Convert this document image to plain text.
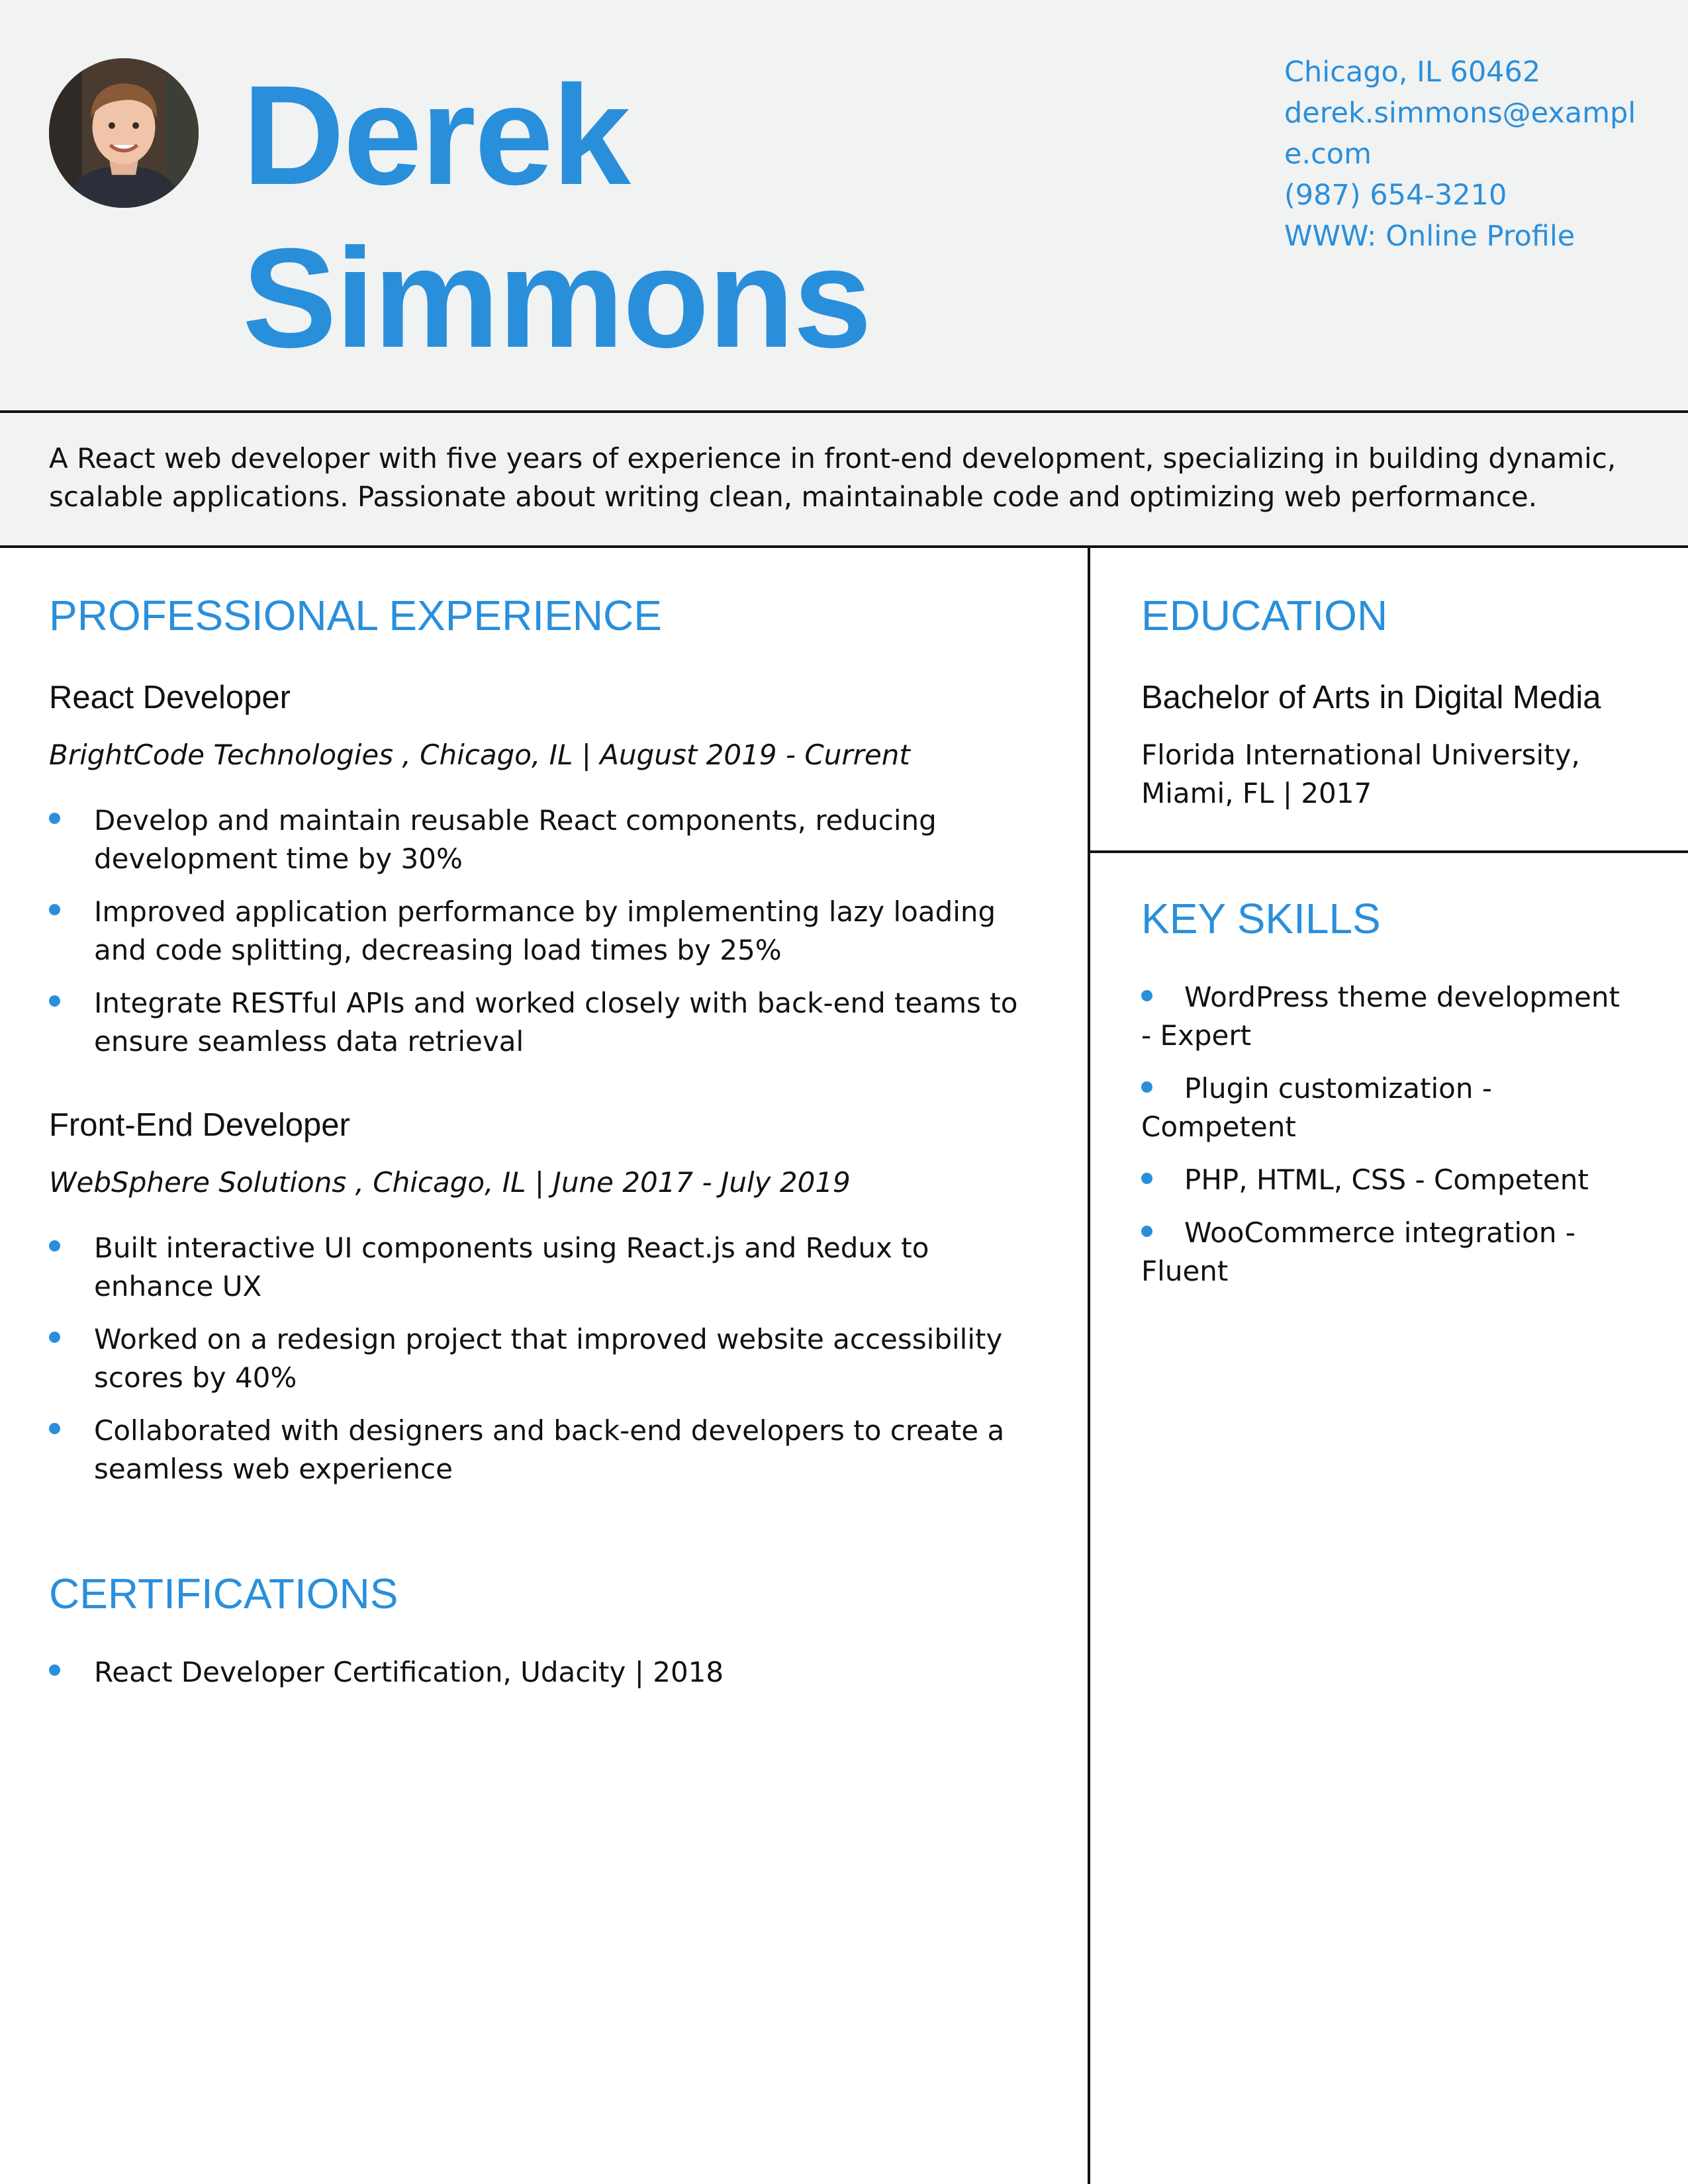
Derek
Simmons
Chicago, IL 60462
derek.simmons@example.com
(987) 654-3210
WWW: Online Profile

A React web developer with five years of experience in front-end development, specializing in building dynamic, scalable applications. Passionate about writing clean, maintainable code and optimizing web performance.

PROFESSIONAL EXPERIENCE
React Developer
BrightCode Technologies , Chicago, IL | August 2019 - Current
Develop and maintain reusable React components, reducing development time by 30%
Improved application performance by implementing lazy loading and code splitting, decreasing load times by 25%
Integrate RESTful APIs and worked closely with back-end teams to ensure seamless data retrieval
Front-End Developer
WebSphere Solutions , Chicago, IL | June 2017 - July 2019
Built interactive UI components using React.js and Redux to enhance UX
Worked on a redesign project that improved website accessibility scores by 40%
Collaborated with designers and back-end developers to create a seamless web experience
CERTIFICATIONS
React Developer Certification, Udacity | 2018
EDUCATION
Bachelor of Arts in Digital Media
Florida International University,
Miami, FL | 2017
KEY SKILLS
WordPress theme development - Expert
Plugin customization - Competent
PHP, HTML, CSS - Competent
WooCommerce integration - Fluent
